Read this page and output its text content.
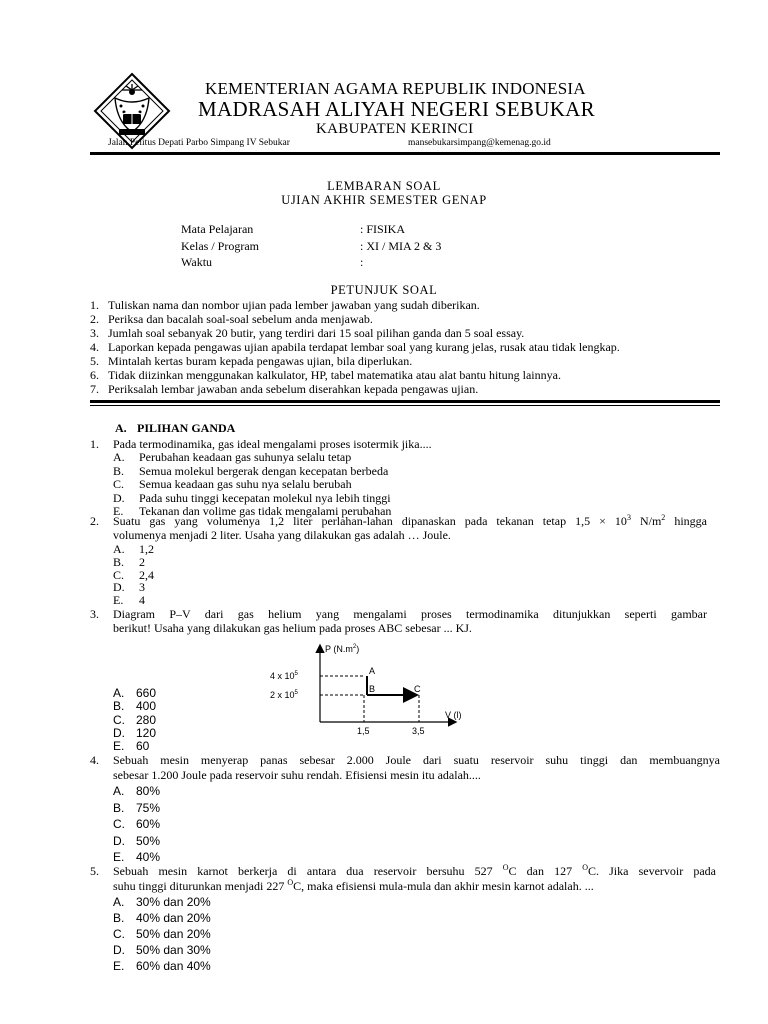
KEMENTERIAN AGAMA REPUBLIK INDONESIA
MADRASAH ALIYAH NEGERI SEBUKAR
KABUPATEN KERINCI
Jalan Pelitus Depati Parbo Simpang IV Sebukar	mansebukarsimpang@kemenag.go.id
LEMBARAN SOAL
UJIAN AKHIR SEMESTER GENAP
Mata Pelajaran	: FISIKA
Kelas / Program	: XI / MIA 2 & 3
Waktu	:
PETUNJUK SOAL
1. Tuliskan nama dan nombor ujian pada lember jawaban yang sudah diberikan.
2. Periksa dan bacalah soal-soal sebelum anda menjawab.
3. Jumlah soal sebanyak 20 butir, yang terdiri dari 15 soal pilihan ganda dan 5 soal essay.
4. Laporkan kepada pengawas ujian apabila terdapat lembar soal yang kurang jelas, rusak atau tidak lengkap.
5. Mintalah kertas buram kepada pengawas ujian, bila diperlukan.
6. Tidak diizinkan menggunakan kalkulator, HP, tabel matematika atau alat bantu hitung lainnya.
7. Periksalah lembar jawaban anda sebelum diserahkan kepada pengawas ujian.
A. PILIHAN GANDA
1. Pada termodinamika, gas ideal mengalami proses isotermik jika....
A. Perubahan keadaan gas suhunya selalu tetap
B. Semua molekul bergerak dengan kecepatan berbeda
C. Semua keadaan gas suhu nya selalu berubah
D. Pada suhu tinggi kecepatan molekul nya lebih tinggi
E. Tekanan dan volime gas tidak mengalami perubahan
2. Suatu gas yang volumenya 1,2 liter perlahan-lahan dipanaskan pada tekanan tetap $1,5 \times 10^3$ $N/m^2$ hingga
volumenya menjadi 2 liter. Usaha yang dilakukan gas adalah … Joule.
A. 1,2
B. 2
C. 2,4
D. 3
E. 4
3. Diagram P–V dari gas helium yang mengalami proses termodinamika ditunjukkan seperti gambar
berikut! Usaha yang dilakukan gas helium pada proses ABC sebesar ... KJ.
P $(N.m^2)$
V (l)
4 x $10^5$
2 x $10^5$
1,5	3,5
A
B	C
A. 660
B. 400
C. 280
D. 120
E. 60
4. Sebuah mesin menyerap panas sebesar 2.000 Joule dari suatu reservoir suhu tinggi dan membuangnya
sebesar 1.200 Joule pada reservoir suhu rendah. Efisiensi mesin itu adalah....
A. 80%
B. 75%
C. 60%
D. 50%
E. 40%
5. Sebuah mesin karnot berkerja di antara dua reservoir bersuhu 527 $^O$C dan 127 $^O$C. Jika severvoir pada
suhu tinggi diturunkan menjadi 227 $^O$C, maka efisiensi mula-mula dan akhir mesin karnot adalah. ...
A. 30% dan 20%
B. 40% dan 20%
C. 50% dan 20%
D. 50% dan 30%
E. 60% dan 40%
